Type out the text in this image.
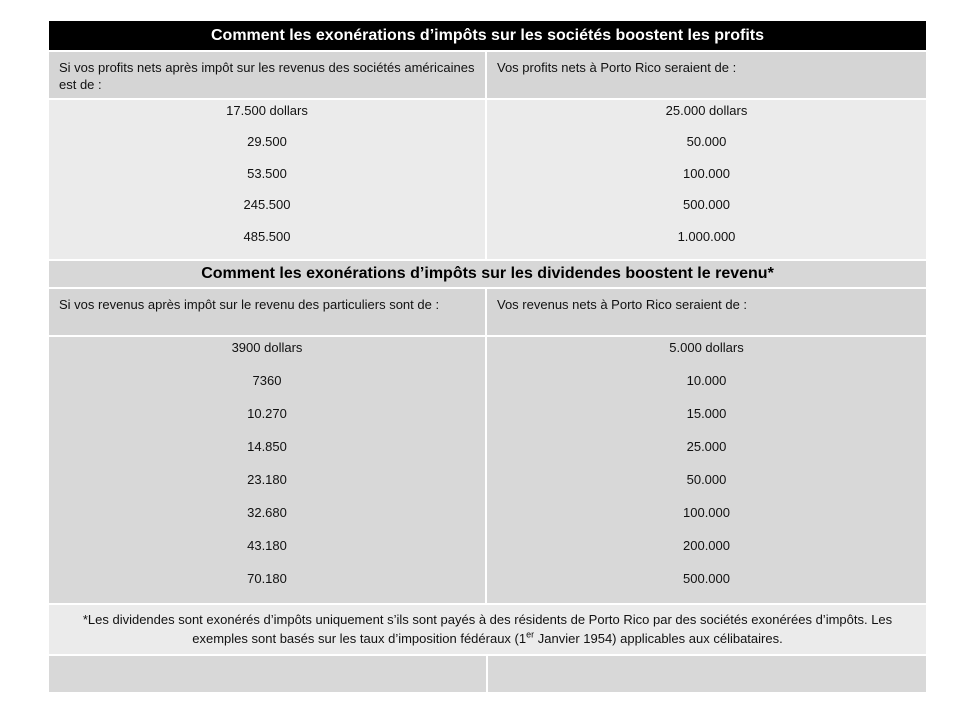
Comment les exonérations d’impôts sur les sociétés boostent les profits
Si vos profits nets après impôt sur les revenus des sociétés américaines est de :
Vos profits nets à Porto Rico seraient de :
17.500 dollars
29.500
53.500
245.500
485.500
25.000 dollars
50.000
100.000
500.000
1.000.000
Comment les exonérations d’impôts sur les dividendes boostent le revenu*
Si vos revenus après impôt sur le revenu des particuliers sont de :	Vos revenus nets à Porto Rico seraient de :
3900 dollars
7360
10.270
14.850
23.180
32.680
43.180
70.180
5.000 dollars
10.000
15.000
25.000
50.000
100.000
200.000
500.000
*Les dividendes sont exonérés d’impôts uniquement s’ils sont payés à des résidents de Porto Rico par des sociétés exonérées d’impôts. Les exemples sont basés sur les taux d’imposition fédéraux (1er Janvier 1954) applicables aux célibataires.
